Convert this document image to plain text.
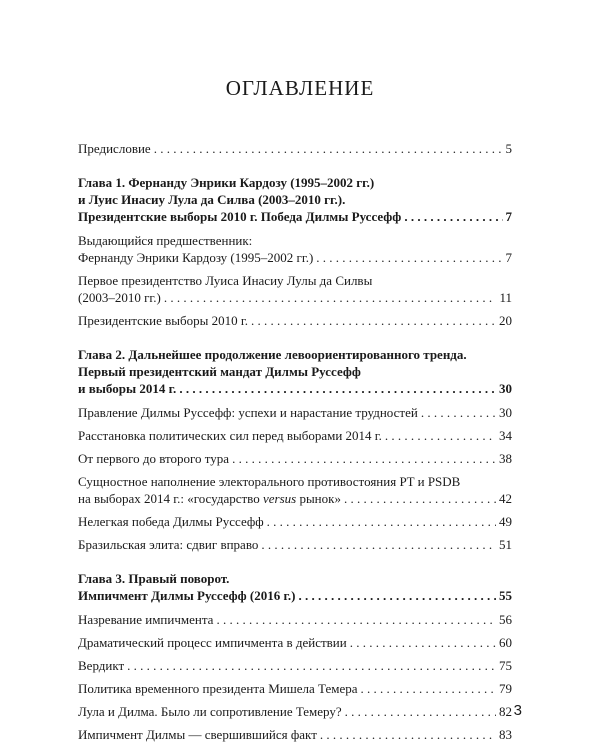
ОГЛАВЛЕНИЕ
Предисловие . . .	5
Глава 1. Фернанду Энрики Кардозу (1995–2002 гг.)
и Луис Инасиу Лула да Силва (2003–2010 гг.).
Президентские выборы 2010 г. Победа Дилмы Руссефф . . .	7
Выдающийся предшественник:
Фернанду Энрики Кардозу (1995–2002 гг.) . . .	7
Первое президентство Луиса Инасиу Лулы да Силвы
(2003–2010 гг.) . . .	11
Президентские выборы 2010 г. . . .	20
Глава 2. Дальнейшее продолжение левоориентированного тренда.
Первый президентский мандат Дилмы Руссефф
и выборы 2014 г. . . .	30
Правление Дилмы Руссефф: успехи и нарастание трудностей . . .	30
Расстановка политических сил перед выборами 2014 г. . . .	34
От первого до второго тура . . .	38
Сущностное наполнение электорального противостояния PT и PSDB
на выборах 2014 г.: «государство versus рынок» . . .	42
Нелегкая победа Дилмы Руссефф . . .	49
Бразильская элита: сдвиг вправо . . .	51
Глава 3. Правый поворот.
Импичмент Дилмы Руссефф (2016 г.) . . .	55
Назревание импичмента . . .	56
Драматический процесс импичмента в действии . . .	60
Вердикт . . .	75
Политика временного президента Мишела Темера . . .	79
Лула и Дилма. Было ли сопротивление Темеру? . . .	82
Импичмент Дилмы — свершившийся факт . . .	83
3
